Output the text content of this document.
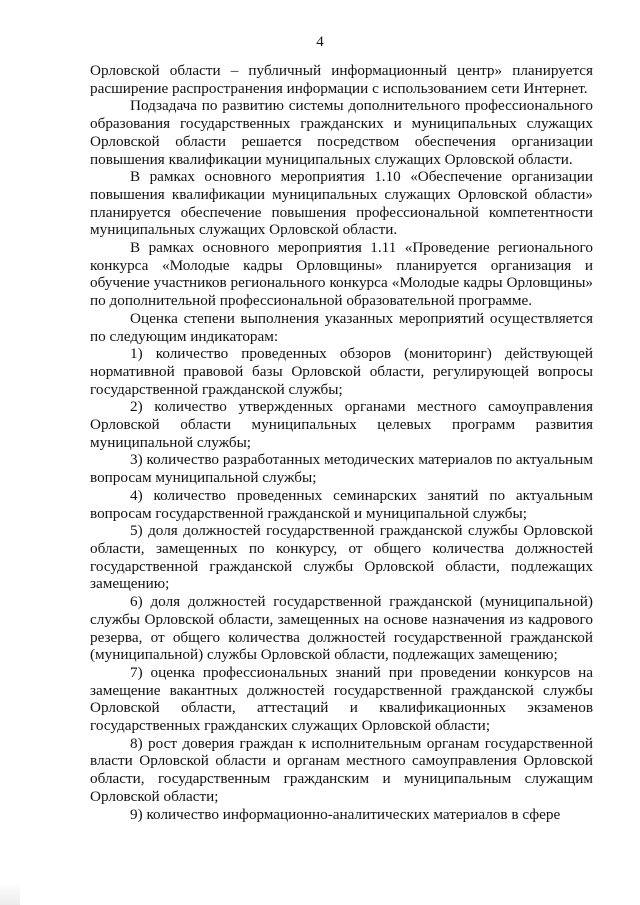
4

Орловской области – публичный информационный центр» планируется расширение распространения информации с использованием сети Интернет.

Подзадача по развитию системы дополнительного профессионального образования государственных гражданских и муниципальных служащих Орловской области решается посредством обеспечения организации повышения квалификации муниципальных служащих Орловской области.

В рамках основного мероприятия 1.10 «Обеспечение организации повышения квалификации муниципальных служащих Орловской области» планируется обеспечение повышения профессиональной компетентности муниципальных служащих Орловской области.

В рамках основного мероприятия 1.11 «Проведение регионального конкурса «Молодые кадры Орловщины» планируется организация и обучение участников регионального конкурса «Молодые кадры Орловщины» по дополнительной профессиональной образовательной программе.

Оценка степени выполнения указанных мероприятий осуществляется по следующим индикаторам:

1) количество проведенных обзоров (мониторинг) действующей нормативной правовой базы Орловской области, регулирующей вопросы государственной гражданской службы;

2) количество утвержденных органами местного самоуправления Орловской области муниципальных целевых программ развития муниципальной службы;

3) количество разработанных методических материалов по актуальным вопросам муниципальной службы;

4) количество проведенных семинарских занятий по актуальным вопросам государственной гражданской и муниципальной службы;

5) доля должностей государственной гражданской службы Орловской области, замещенных по конкурсу, от общего количества должностей государственной гражданской службы Орловской области, подлежащих замещению;

6) доля должностей государственной гражданской (муниципальной) службы Орловской области, замещенных на основе назначения из кадрового резерва, от общего количества должностей государственной гражданской (муниципальной) службы Орловской области, подлежащих замещению;

7) оценка профессиональных знаний при проведении конкурсов на замещение вакантных должностей государственной гражданской службы Орловской области, аттестаций и квалификационных экзаменов государственных гражданских служащих Орловской области;

8) рост доверия граждан к исполнительным органам государственной власти Орловской области и органам местного самоуправления Орловской области, государственным гражданским и муниципальным служащим Орловской области;

9) количество информационно-аналитических материалов в сфере
